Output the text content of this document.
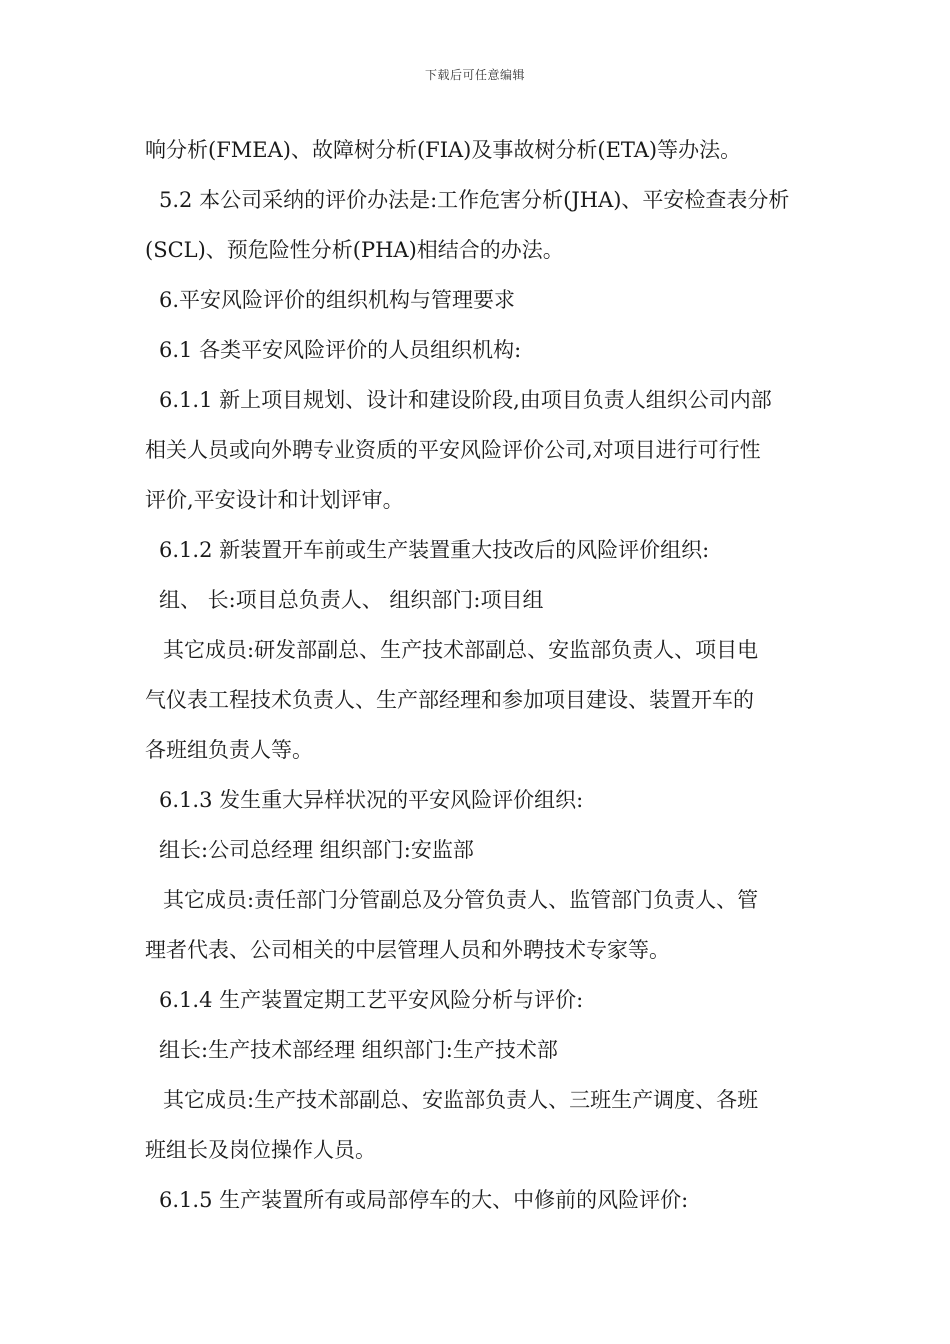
下载后可任意编辑
响分析(FMEA)、故障树分析(FIA)及事故树分析(ETA)等办法。
5.2 本公司采纳的评价办法是:工作危害分析(JHA)、平安检查表分析
(SCL)、预危险性分析(PHA)相结合的办法。
6.平安风险评价的组织机构与管理要求
6.1 各类平安风险评价的人员组织机构:
6.1.1 新上项目规划、设计和建设阶段,由项目负责人组织公司内部
相关人员或向外聘专业资质的平安风险评价公司,对项目进行可行性
评价,平安设计和计划评审。
6.1.2 新装置开车前或生产装置重大技改后的风险评价组织:
组、 长:项目总负责人、 组织部门:项目组
其它成员:研发部副总、生产技术部副总、安监部负责人、项目电
气仪表工程技术负责人、生产部经理和参加项目建设、装置开车的
各班组负责人等。
6.1.3 发生重大异样状况的平安风险评价组织:
组长:公司总经理 组织部门:安监部
其它成员:责任部门分管副总及分管负责人、监管部门负责人、管
理者代表、公司相关的中层管理人员和外聘技术专家等。
6.1.4 生产装置定期工艺平安风险分析与评价:
组长:生产技术部经理 组织部门:生产技术部
其它成员:生产技术部副总、安监部负责人、三班生产调度、各班
班组长及岗位操作人员。
6.1.5 生产装置所有或局部停车的大、中修前的风险评价:
